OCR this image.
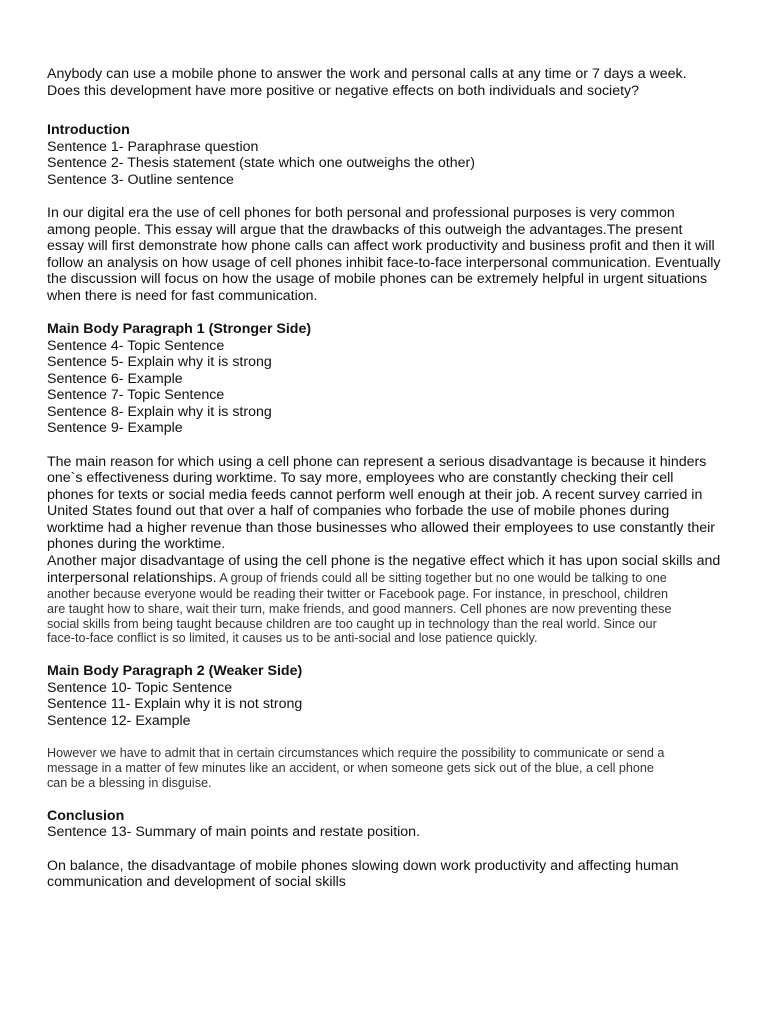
Anybody can use a mobile phone to answer the work and personal calls at any time or 7 days a week.
Does this development have more positive or negative effects on both individuals and society?

Introduction
Sentence 1- Paraphrase question
Sentence 2- Thesis statement (state which one outweighs the other)
Sentence 3- Outline sentence

In our digital era the use of cell phones for both personal and professional purposes is very common
among people. This essay will argue that the drawbacks of this outweigh the advantages.The present
essay will first demonstrate how phone calls can affect work productivity and business profit and then it will
follow an analysis on how usage of cell phones inhibit face-to-face interpersonal communication. Eventually
the discussion will focus on how the usage of mobile phones can be extremely helpful in urgent situations
when there is need for fast communication.

Main Body Paragraph 1 (Stronger Side)
Sentence 4- Topic Sentence
Sentence 5- Explain why it is strong
Sentence 6- Example
Sentence 7- Topic Sentence
Sentence 8- Explain why it is strong
Sentence 9- Example

The main reason for which using a cell phone can represent a serious disadvantage is because it hinders
one`s effectiveness during worktime. To say more, employees who are constantly checking their cell
phones for texts or social media feeds cannot perform well enough at their job. A recent survey carried in
United States found out that over a half of companies who forbade the use of mobile phones during
worktime had a higher revenue than those businesses who allowed their employees to use constantly their
phones during the worktime.

Another major disadvantage of using the cell phone is the negative effect which it has upon social skills and
interpersonal relationships. A group of friends could all be sitting together but no one would be talking to one
another because everyone would be reading their twitter or Facebook page. For instance, in preschool, children
are taught how to share, wait their turn, make friends, and good manners. Cell phones are now preventing these
social skills from being taught because children are too caught up in technology than the real world. Since our
face-to-face conflict is so limited, it causes us to be anti-social and lose patience quickly.

Main Body Paragraph 2 (Weaker Side)
Sentence 10- Topic Sentence
Sentence 11- Explain why it is not strong
Sentence 12- Example

However we have to admit that in certain circumstances which require the possibility to communicate or send a
message in a matter of few minutes like an accident, or when someone gets sick out of the blue, a cell phone
can be a blessing in disguise.

Conclusion
Sentence 13- Summary of main points and restate position.

On balance, the disadvantage of mobile phones slowing down work productivity and affecting human
communication and development of social skills
